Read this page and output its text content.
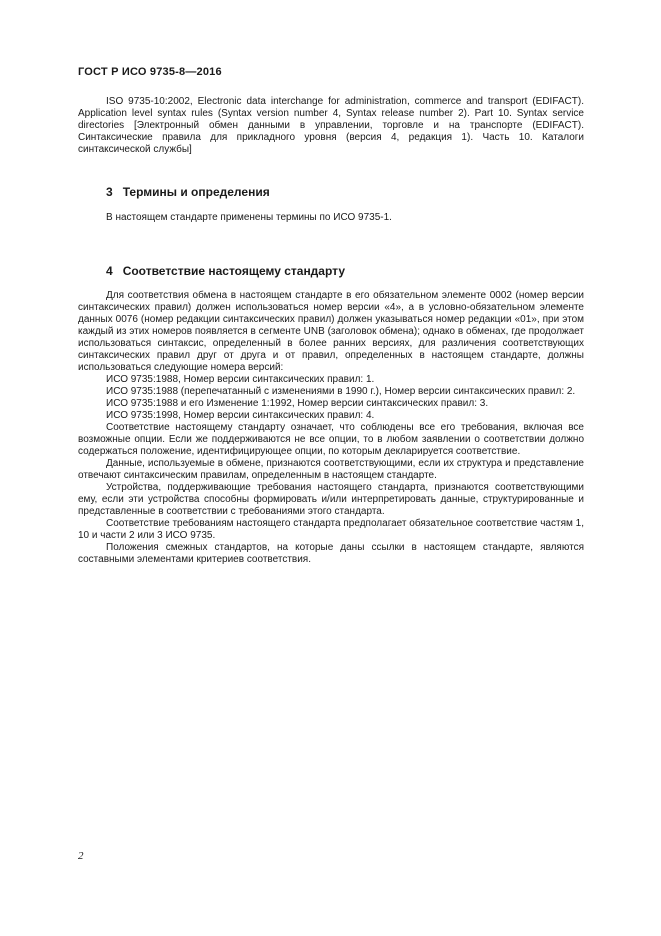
ГОСТ Р ИСО 9735-8—2016

ISO 9735-10:2002, Electronic data interchange for administration, commerce and transport (EDIFACT). Application level syntax rules (Syntax version number 4, Syntax release number 2). Part 10. Syntax service directories [Электронный обмен данными в управлении, торговле и на транспорте (EDIFACT). Синтаксические правила для прикладного уровня (версия 4, редакция 1). Часть 10. Каталоги синтаксической службы]

3 Термины и определения

В настоящем стандарте применены термины по ИСО 9735-1.

4 Соответствие настоящему стандарту

Для соответствия обмена в настоящем стандарте в его обязательном элементе 0002 (номер версии синтаксических правил) должен использоваться номер версии «4», а в условно-обязательном элементе данных 0076 (номер редакции синтаксических правил) должен указываться номер редакции «01», при этом каждый из этих номеров появляется в сегменте UNB (заголовок обмена); однако в обменах, где продолжает использоваться синтаксис, определенный в более ранних версиях, для различения соответствующих синтаксических правил друг от друга и от правил, определенных в настоящем стандарте, должны использоваться следующие номера версий:

ИСО 9735:1988, Номер версии синтаксических правил: 1.

ИСО 9735:1988 (перепечатанный с изменениями в 1990 г.), Номер версии синтаксических правил: 2.

ИСО 9735:1988 и его Изменение 1:1992, Номер версии синтаксических правил: 3.

ИСО 9735:1998, Номер версии синтаксических правил: 4.

Соответствие настоящему стандарту означает, что соблюдены все его требования, включая все возможные опции. Если же поддерживаются не все опции, то в любом заявлении о соответствии должно содержаться положение, идентифицирующее опции, по которым декларируется соответствие.

Данные, используемые в обмене, признаются соответствующими, если их структура и представление отвечают синтаксическим правилам, определенным в настоящем стандарте.

Устройства, поддерживающие требования настоящего стандарта, признаются соответствующими ему, если эти устройства способны формировать и/или интерпретировать данные, структурированные и представленные в соответствии с требованиями этого стандарта.

Соответствие требованиям настоящего стандарта предполагает обязательное соответствие частям 1, 10 и части 2 или 3 ИСО 9735.

Положения смежных стандартов, на которые даны ссылки в настоящем стандарте, являются составными элементами критериев соответствия.

2
